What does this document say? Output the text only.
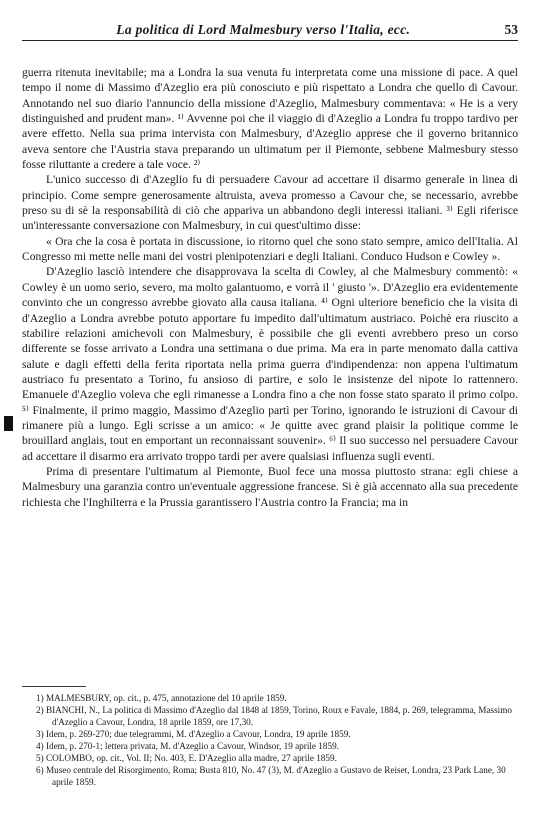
La politica di Lord Malmesbury verso l'Italia, ecc.	53

guerra ritenuta inevitabile; ma a Londra la sua venuta fu interpretata come una missione di pace. A quel tempo il nome di Massimo d'Azeglio era più conosciuto e più rispettato a Londra che quello di Cavour. Annotando nel suo diario l'annuncio della missione d'Azeglio, Malmesbury commentava: « He is a very distinguished and prudent man». ¹⁾ Avvenne poi che il viaggio di d'Azeglio a Londra fu troppo tardivo per avere effetto. Nella sua prima intervista con Malmesbury, d'Azeglio apprese che il governo britannico aveva sentore che l'Austria stava preparando un ultimatum per il Piemonte, sebbene Malmesbury stesso fosse riluttante a credere a tale voce. ²⁾

L'unico successo di d'Azeglio fu di persuadere Cavour ad accettare il disarmo generale in linea di principio. Come sempre generosamente altruista, aveva promesso a Cavour che, se necessario, avrebbe preso su di sè la responsabilità di ciò che appariva un abbandono degli interessi italiani. ³⁾ Egli riferisce un'interessante conversazione con Malmesbury, in cui quest'ultimo disse:

« Ora che la cosa è portata in discussione, io ritorno quel che sono stato sempre, amico dell'Italia. Al Congresso mi mette nelle mani dei vostri plenipotenziari e degli Italiani. Conduco Hudson e Cowley ».

D'Azeglio lasciò intendere che disapprovava la scelta di Cowley, al che Malmesbury commentò: « Cowley è un uomo serio, severo, ma molto galantuomo, e vorrà il ' giusto '». D'Azeglio era evidentemente convinto che un congresso avrebbe giovato alla causa italiana. ⁴⁾ Ogni ulteriore beneficio che la visita di d'Azeglio a Londra avrebbe potuto apportare fu impedito dall'ultimatum austriaco. Poichè era riuscito a stabilire relazioni amichevoli con Malmesbury, è possibile che gli eventi avrebbero preso un corso differente se fosse arrivato a Londra una settimana o due prima. Ma era in parte menomato dalla cattiva salute e dagli effetti della ferita riportata nella prima guerra d'indipendenza: non appena l'ultimatum austriaco fu presentato a Torino, fu ansioso di partire, e solo le insistenze del nipote lo rattennero. Emanuele d'Azeglio voleva che egli rimanesse a Londra fino a che non fosse stato sparato il primo colpo. ⁵⁾ Finalmente, il primo maggio, Massimo d'Azeglio partì per Torino, ignorando le istruzioni di Cavour di rimanere più a lungo. Egli scrisse a un amico: « Je quitte avec grand plaisir la politique comme le brouillard anglais, tout en emportant un reconnaissant souvenir». ⁶⁾ Il suo successo nel persuadere Cavour ad accettare il disarmo era arrivato troppo tardi per avere qualsiasi influenza sugli eventi.

Prima di presentare l'ultimatum al Piemonte, Buol fece una mossa piuttosto strana: egli chiese a Malmesbury una garanzia contro un'eventuale aggressione francese. Si è già accennato alla sua precedente richiesta che l'Inghilterra e la Prussia garantissero l'Austria contro la Francia; ma in

1) MALMESBURY, op. cit., p. 475, annotazione del 10 aprile 1859.

2) BIANCHI, N., La politica di Massimo d'Azeglio dal 1848 al 1859, Torino, Roux e Favale, 1884, p. 269, telegramma, Massimo d'Azeglio a Cavour, Londra, 18 aprile 1859, ore 17,30.

3) Idem, p. 269-270; due telegrammi, M. d'Azeglio a Cavour, Londra, 19 aprile 1859.

4) Idem, p. 270-1; lettera privata, M. d'Azeglio a Cavour, Windsor, 19 aprile 1859.

5) COLOMBO, op. cit., Vol. II; No. 403, E. D'Azeglio alla madre, 27 aprile 1859.

6) Museo centrale del Risorgimento, Roma; Busta 810, No. 47 (3), M. d'Azeglio a Gustavo de Reiset, Londra, 23 Park Lane, 30 aprile 1859.
